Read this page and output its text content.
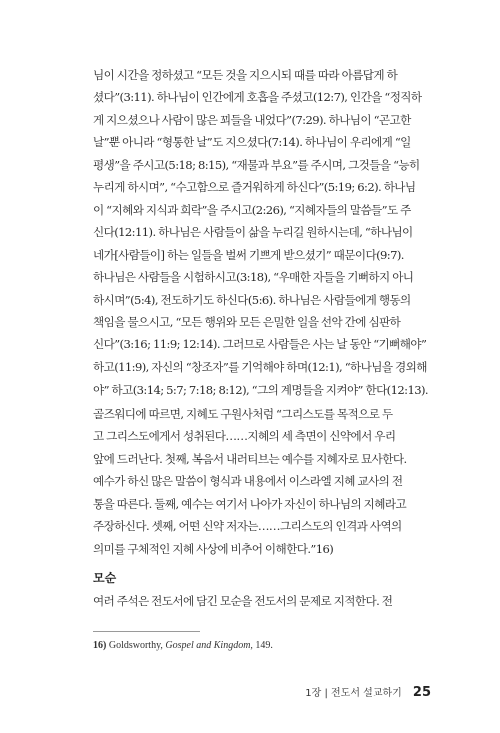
님이 시간을 정하셨고 “모든 것을 지으시되 때를 따라 아름답게 하
셨다”(3:11). 하나님이 인간에게 호흡을 주셨고(12:7), 인간을 “정직하
게 지으셨으나 사람이 많은 꾀들을 내었다”(7:29). 하나님이 “곤고한
날”뿐 아니라 “형통한 날”도 지으셨다(7:14). 하나님이 우리에게 “일
평생”을 주시고(5:18; 8:15), “재물과 부요”를 주시며, 그것들을 “능히
누리게 하시며”, “수고함으로 즐거워하게 하신다”(5:19; 6:2). 하나님
이 “지혜와 지식과 희락”을 주시고(2:26), “지혜자들의 말씀들”도 주
신다(12:11). 하나님은 사람들이 삶을 누리길 원하시는데, “하나님이
네가[사람들이] 하는 일들을 벌써 기쁘게 받으셨기” 때문이다(9:7).
하나님은 사람들을 시험하시고(3:18), “우매한 자들을 기뻐하지 아니
하시며”(5:4), 전도하기도 하신다(5:6). 하나님은 사람들에게 행동의
책임을 물으시고, “모든 행위와 모든 은밀한 일을 선악 간에 심판하
신다”(3:16; 11:9; 12:14). 그러므로 사람들은 사는 날 동안 “기뻐해야”
하고(11:9), 자신의 “창조자”를 기억해야 하며(12:1), “하나님을 경외해
야” 하고(3:14; 5:7; 7:18; 8:12), “그의 계명들을 지켜야” 한다(12:13).
골즈워디에 따르면, 지혜도 구원사처럼 “그리스도를 목적으로 두
고 그리스도에게서 성취된다……지혜의 세 측면이 신약에서 우리
앞에 드러난다. 첫째, 복음서 내러티브는 예수를 지혜자로 묘사한다.
예수가 하신 많은 말씀이 형식과 내용에서 이스라엘 지혜 교사의 전
통을 따른다. 둘째, 예수는 여기서 나아가 자신이 하나님의 지혜라고
주장하신다. 셋째, 어떤 신약 저자는……그리스도의 인격과 사역의
의미를 구체적인 지혜 사상에 비추어 이해한다.”16)
모순
여러 주석은 전도서에 담긴 모순을 전도서의 문제로 지적한다. 전
16) Goldsworthy, Gospel and Kingdom, 149.
1장 | 전도서 설교하기 25
